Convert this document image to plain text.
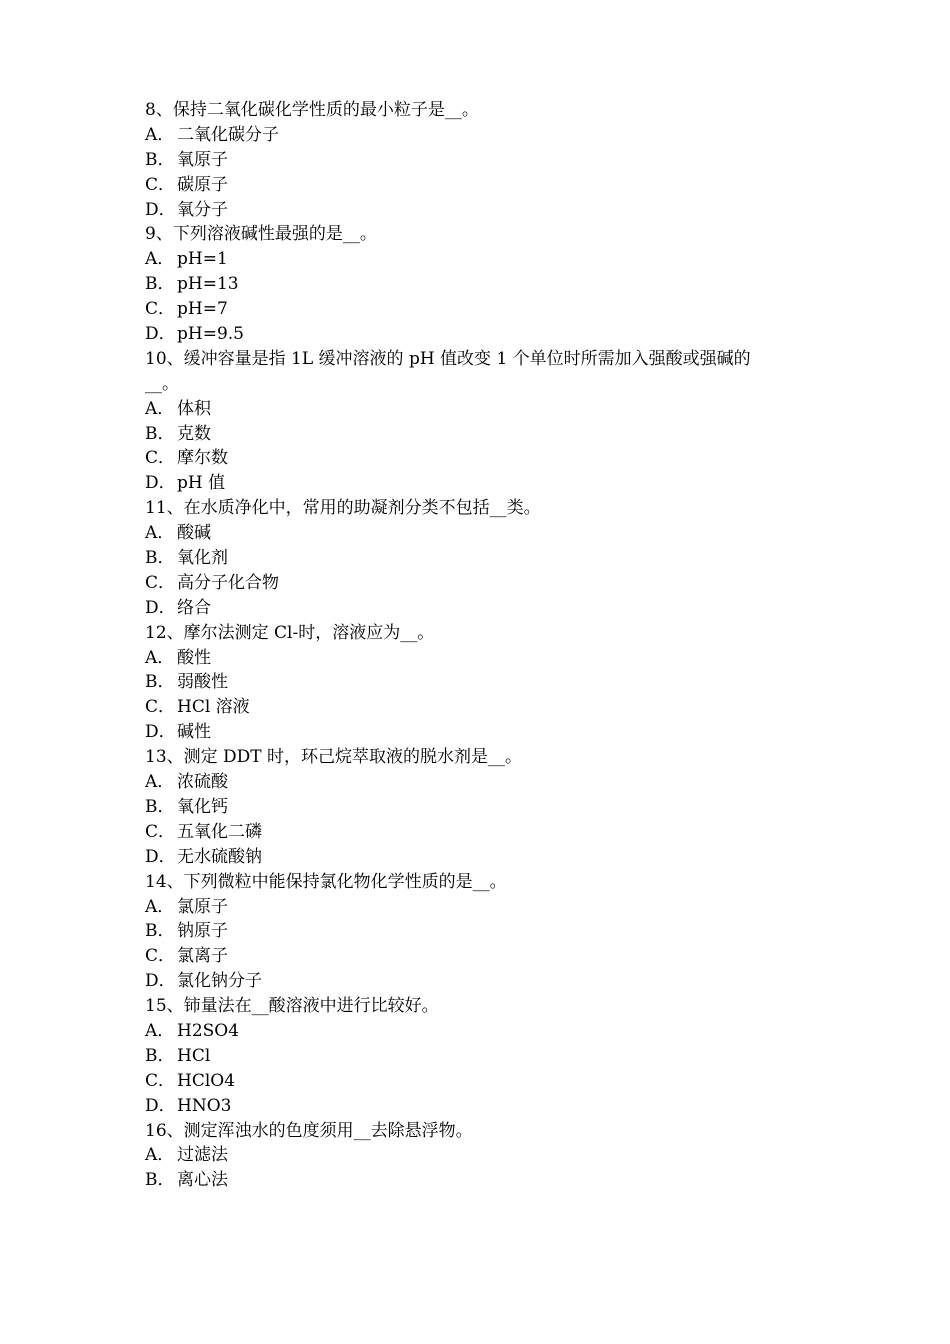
8、保持二氧化碳化学性质的最小粒子是__。
A． 二氧化碳分子
B． 氧原子
C． 碳原子
D．氧分子
9、下列溶液碱性最强的是__。
A． pH=1
B． pH=13
C． pH=7
D．pH=9.5
10、缓冲容量是指 1L 缓冲溶液的 pH 值改变 1 个单位时所需加入强酸或强碱的
__。
A． 体积
B． 克数
C． 摩尔数
D．pH 值
11、在水质净化中，常用的助凝剂分类不包括__类。
A． 酸碱
B． 氧化剂
C． 高分子化合物
D．络合
12、摩尔法测定 Cl-时，溶液应为__。
A． 酸性
B． 弱酸性
C． HCl 溶液
D．碱性
13、测定 DDT 时，环己烷萃取液的脱水剂是__。
A． 浓硫酸
B． 氧化钙
C． 五氧化二磷
D．无水硫酸钠
14、下列微粒中能保持氯化物化学性质的是__。
A． 氯原子
B． 钠原子
C． 氯离子
D．氯化钠分子
15、铈量法在__酸溶液中进行比较好。
A． H2SO4
B． HCl
C． HClO4
D．HNO3
16、测定浑浊水的色度须用__去除悬浮物。
A． 过滤法
B． 离心法
